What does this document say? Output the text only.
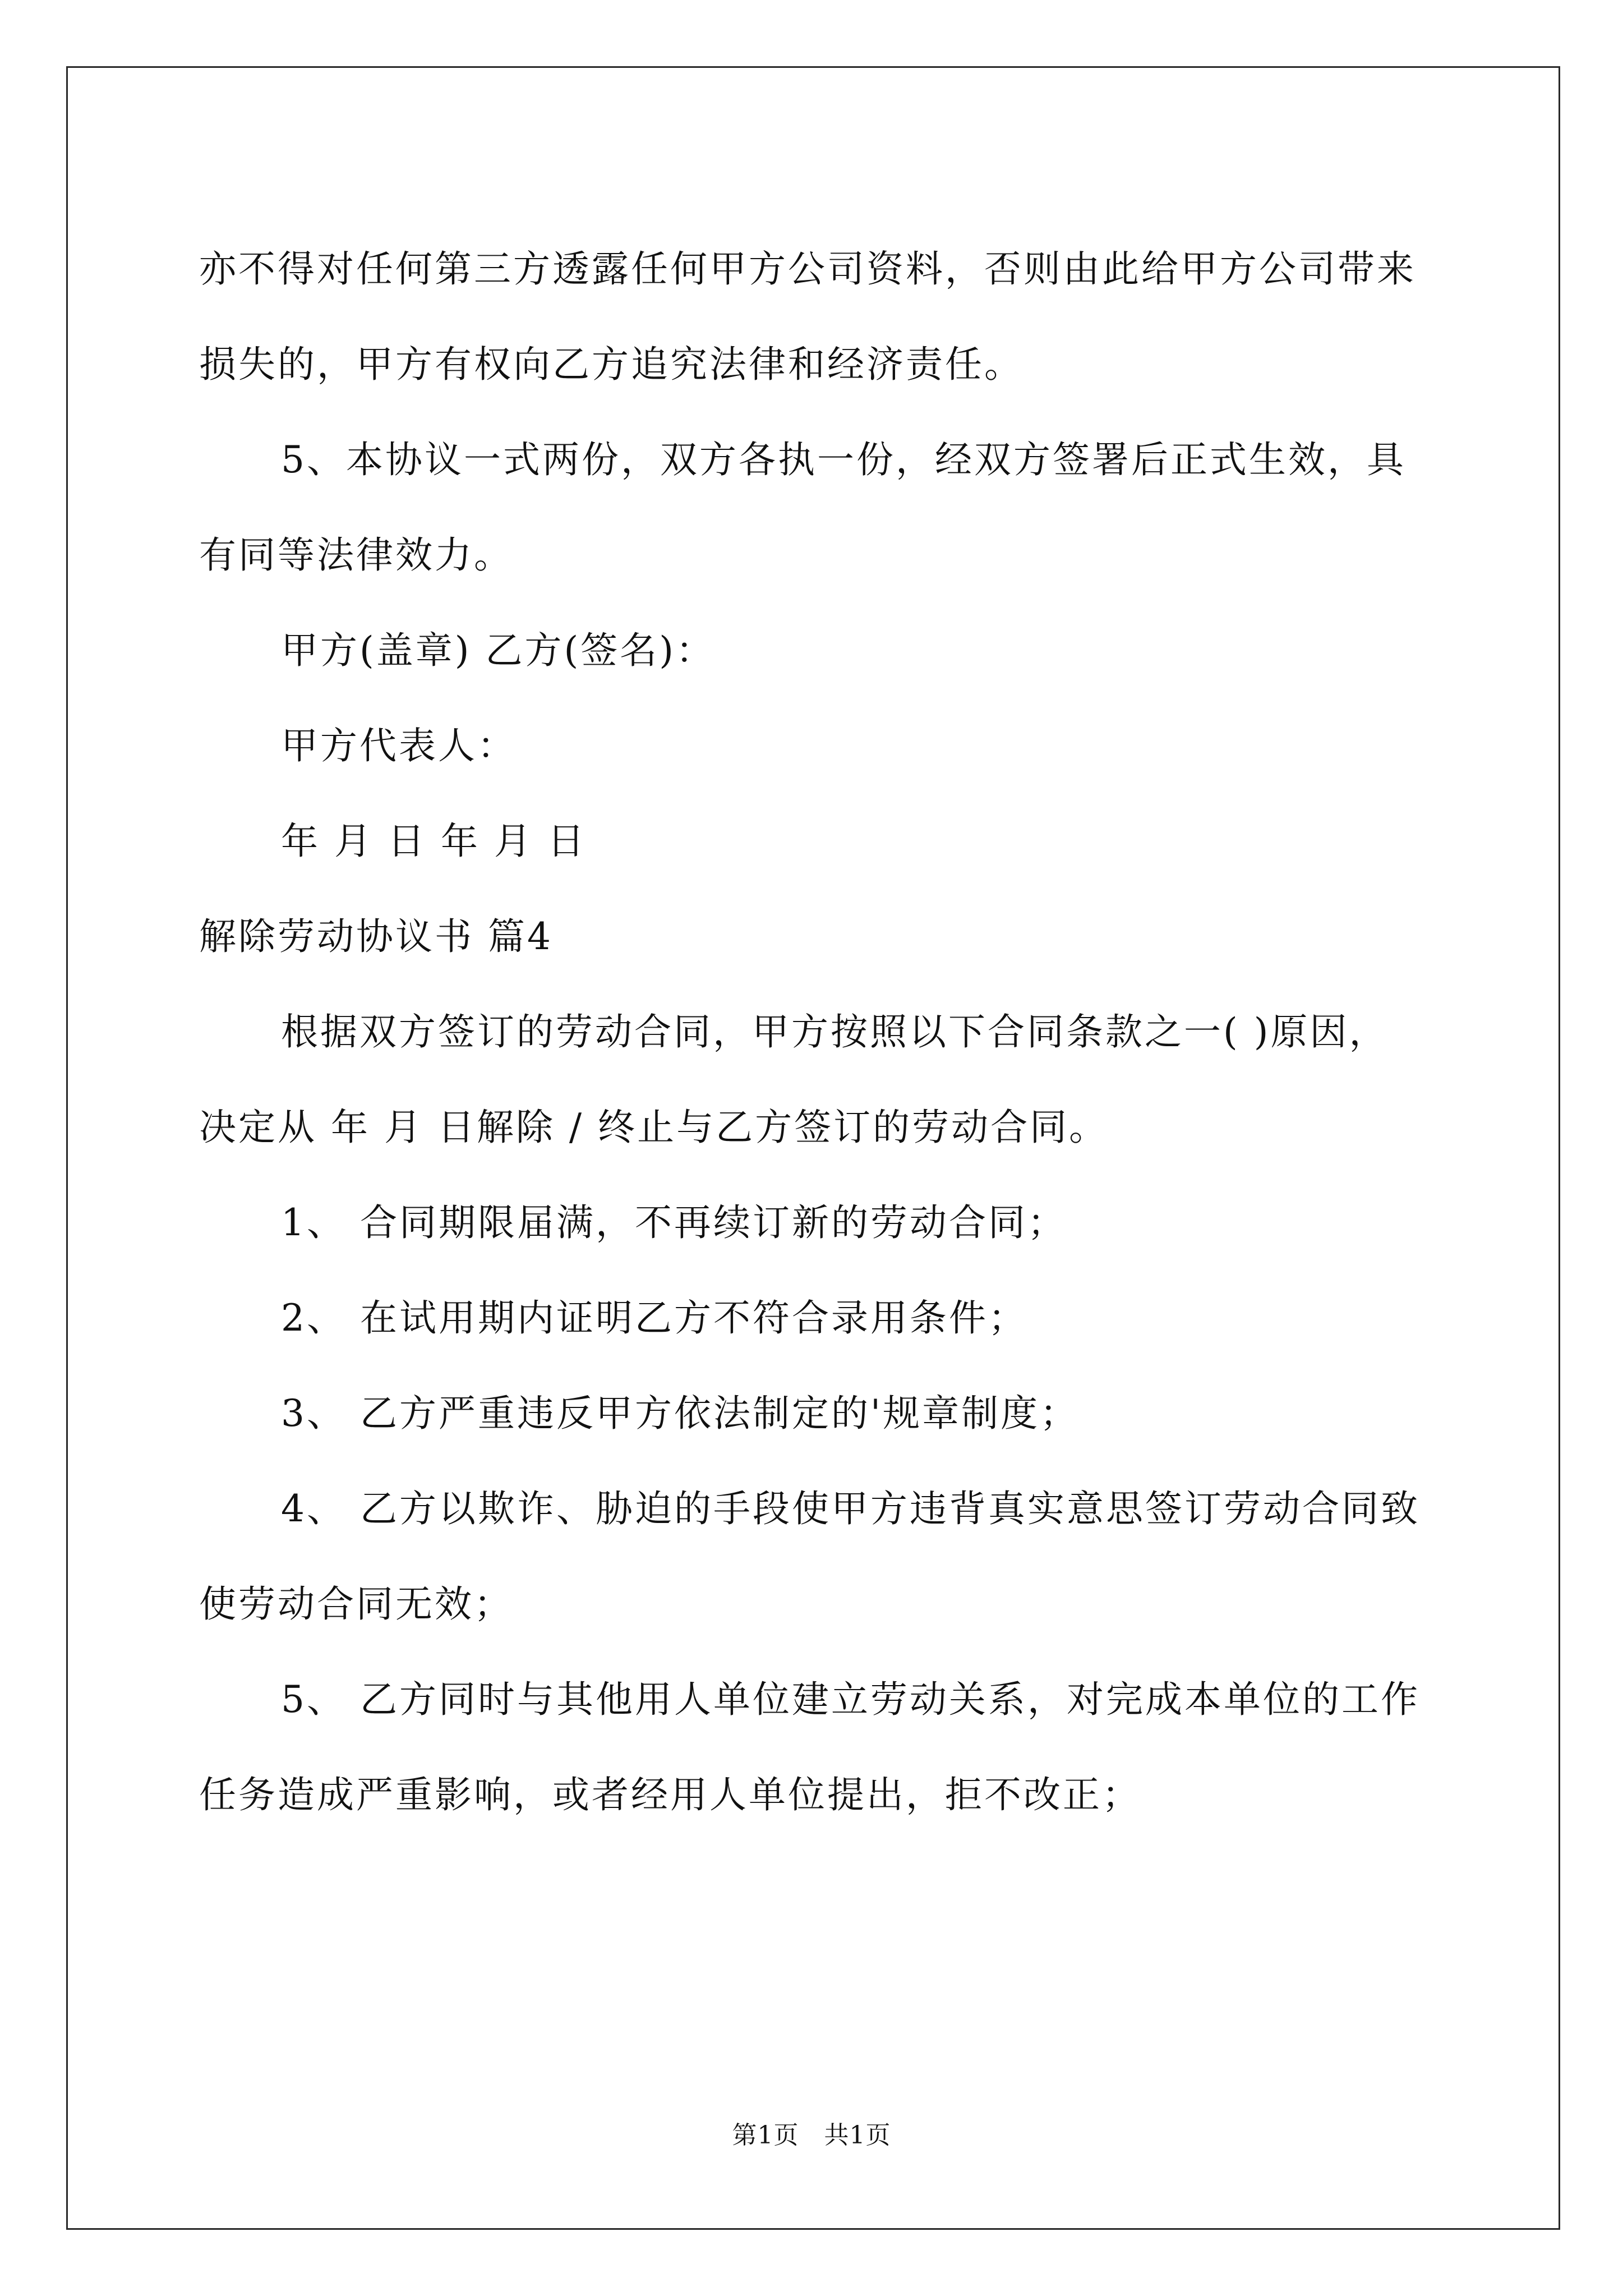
亦不得对任何第三方透露任何甲方公司资料，否则由此给甲方公司带来损失的，甲方有权向乙方追究法律和经济责任。

5、本协议一式两份，双方各执一份，经双方签署后正式生效，具有同等法律效力。

甲方(盖章) 乙方(签名)：

甲方代表人：

年 月 日 年 月 日

解除劳动协议书 篇4

根据双方签订的劳动合同，甲方按照以下合同条款之一( )原因，决定从 年 月 日解除 / 终止与乙方签订的劳动合同。

1、 合同期限届满，不再续订新的劳动合同；

2、 在试用期内证明乙方不符合录用条件；

3、 乙方严重违反甲方依法制定的'规章制度；

4、 乙方以欺诈、胁迫的手段使甲方违背真实意思签订劳动合同致使劳动合同无效；

5、 乙方同时与其他用人单位建立劳动关系，对完成本单位的工作任务造成严重影响，或者经用人单位提出，拒不改正；

第1页 共1页
